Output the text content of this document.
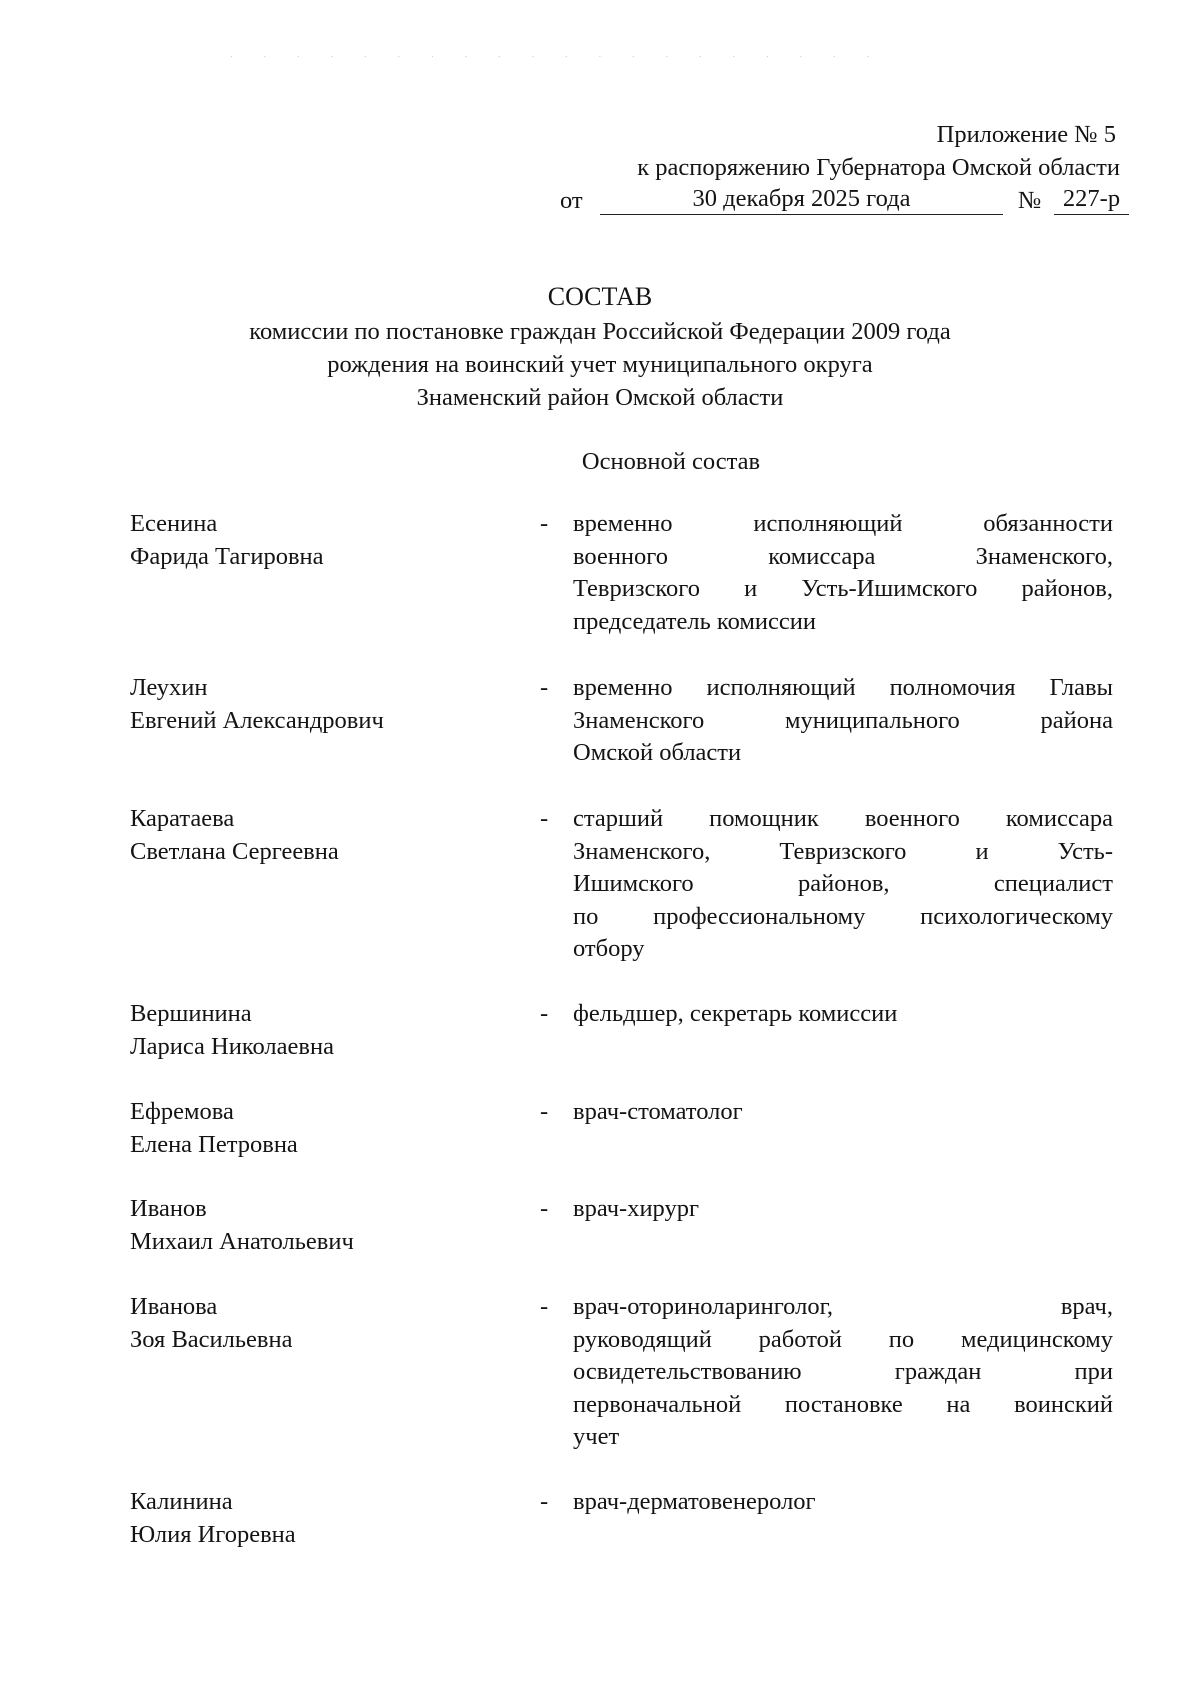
. . . . . . . . . . . . . . . . . . . .
Приложение № 5
к распоряжению Губернатора Омской области
от	30 декабря 2025 года	№ 227-р
СОСТАВ
комиссии по постановке граждан Российской Федерации 2009 года
рождения на воинский учет муниципального округа
Знаменский район Омской области
Основной состав
Есенина
Фарида Тагировна
- временно исполняющий обязанности
военного комиссара Знаменского,
Тевризского и Усть-Ишимского районов,
председатель комиссии
Леухин
Евгений Александрович
- временно исполняющий полномочия Главы
Знаменского муниципального района
Омской области
Каратаева
Светлана Сергеевна
- старший помощник военного комиссара
Знаменского, Тевризского и Усть-
Ишимского районов, специалист
по профессиональному психологическому
отбору
Вершинина
Лариса Николаевна
- фельдшер, секретарь комиссии
Ефремова
Елена Петровна
- врач-стоматолог
Иванов
Михаил Анатольевич
- врач-хирург
Иванова
Зоя Васильевна
- врач-оториноларинголог, врач,
руководящий работой по медицинскому
освидетельствованию граждан при
первоначальной постановке на воинский
учет
Калинина
Юлия Игоревна
- врач-дерматовенеролог
